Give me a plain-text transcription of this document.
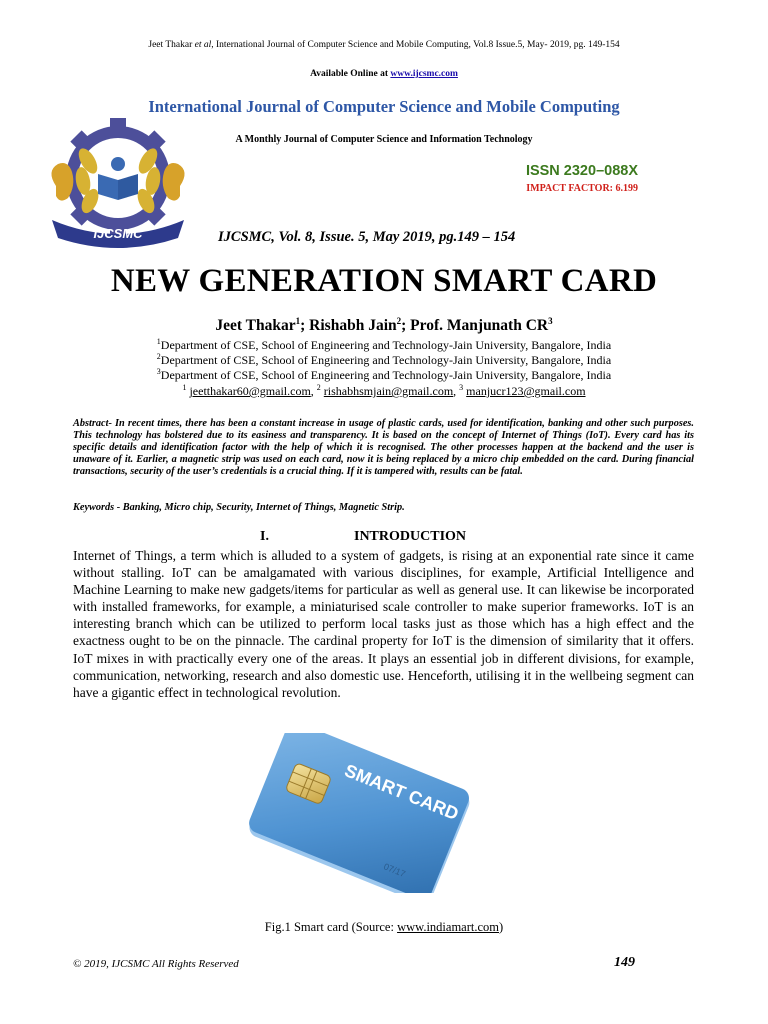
Jeet Thakar et al, International Journal of Computer Science and Mobile Computing, Vol.8 Issue.5, May- 2019, pg. 149-154
Available Online at www.ijcsmc.com
IJCSMC
International Journal of Computer Science and Mobile Computing
A Monthly Journal of Computer Science and Information Technology
ISSN 2320–088X
IMPACT FACTOR: 6.199
IJCSMC, Vol. 8, Issue. 5, May 2019, pg.149 – 154
NEW GENERATION SMART CARD
Jeet Thakar$^1$; Rishabh Jain$^2$; Prof. Manjunath $CR^3$
$^1$Department of CSE, School of Engineering and Technology-Jain University, Bangalore, India
$^2$Department of CSE, School of Engineering and Technology-Jain University, Bangalore, India
$^3$Department of CSE, School of Engineering and Technology-Jain University, Bangalore, India
$^1$ jeetthakar60@gmail.com, $^2$ rishabhsmjain@gmail.com, $^3$ manjucr123@gmail.com
Abstract- In recent times, there has been a constant increase in usage of plastic cards, used for identification, banking and other such purposes. This technology has bolstered due to its easiness and transparency. It is based on the concept of Internet of Things (IoT). Every card has its specific details and identification factor with the help of which it is recognised. The other processes happen at the backend and the user is unaware of it. Earlier, a magnetic strip was used on each card, now it is being replaced by a micro chip embedded on the card. During financial transactions, security of the user’s credentials is a crucial thing. If it is tampered with, results can be fatal.
Keywords - Banking, Micro chip, Security, Internet of Things, Magnetic Strip.
I.	INTRODUCTION
Internet of Things, a term which is alluded to a system of gadgets, is rising at an exponential rate since it came without stalling. IoT can be amalgamated with various disciplines, for example, Artificial Intelligence and Machine Learning to make new gadgets/items for particular as well as general use. It can likewise be incorporated with installed frameworks, for example, a miniaturised scale controller to make superior frameworks. IoT is an interesting branch which can be utilized to perform local tasks just as those which has a high effect and the exactness ought to be on the pinnacle. The cardinal property for IoT is the dimension of similarity that it offers. IoT mixes in with practically every one of the areas. It plays an essential job in different divisions, for example, communication, networking, research and also domestic use. Henceforth, utilising it in the wellbeing segment can have a gigantic effect in technological revolution.
SMART CARD
07/17
Fig.1 Smart card (Source: www.indiamart.com)
© 2019, IJCSMC All Rights Reserved	149
